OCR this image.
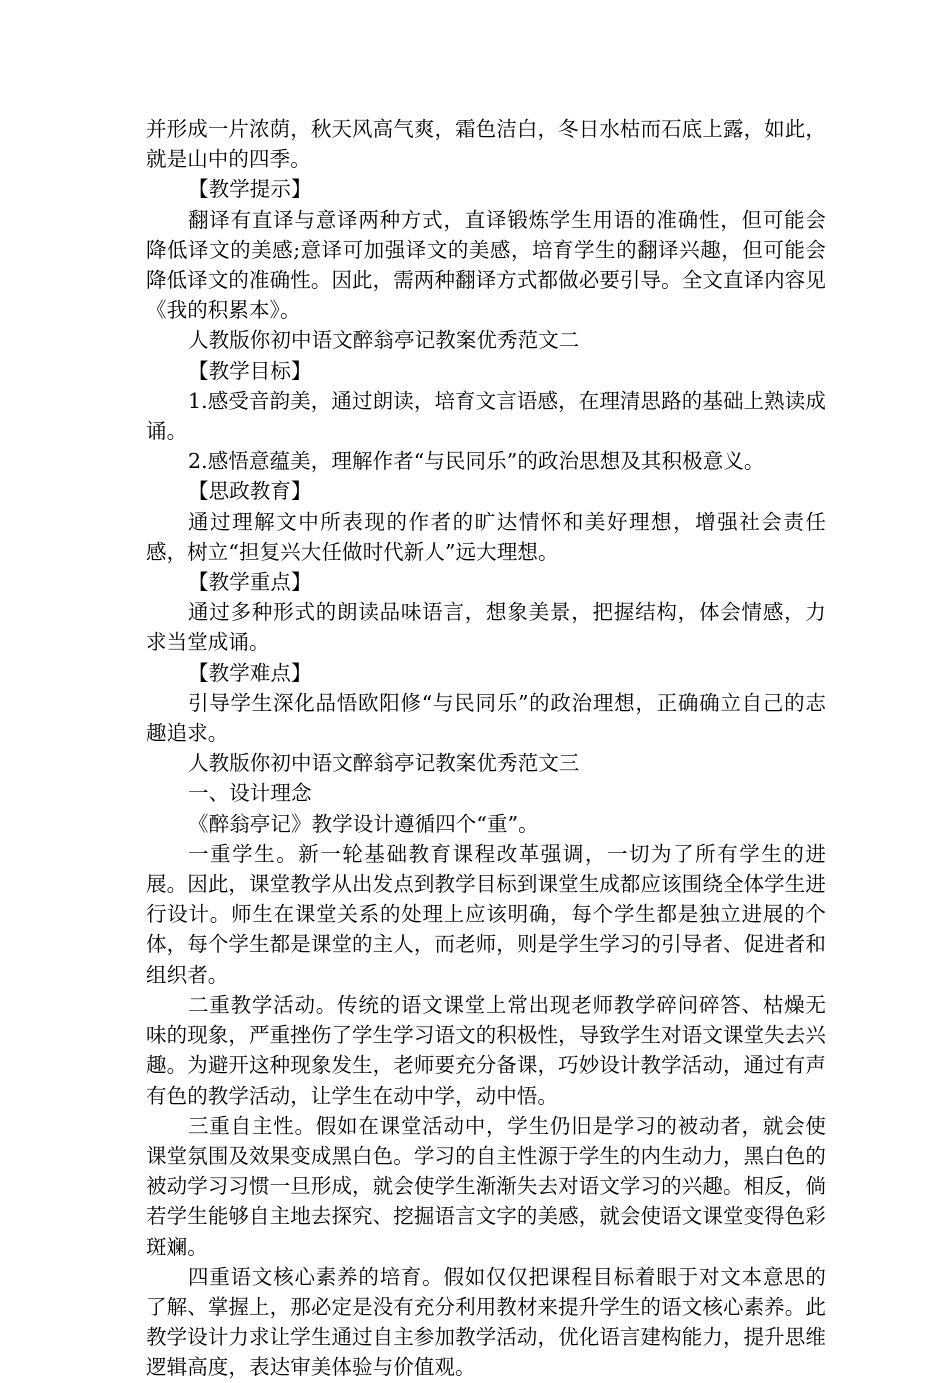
并形成一片浓荫，秋天风高气爽，霜色洁白，冬日水枯而石底上露，如此，就是山中的四季。

【教学提示】

翻译有直译与意译两种方式，直译锻炼学生用语的准确性，但可能会降低译文的美感;意译可加强译文的美感，培育学生的翻译兴趣，但可能会降低译文的准确性。因此，需两种翻译方式都做必要引导。全文直译内容见《我的积累本》。

人教版你初中语文醉翁亭记教案优秀范文二

【教学目标】

1.感受音韵美，通过朗读，培育文言语感，在理清思路的基础上熟读成诵。

2.感悟意蕴美，理解作者“与民同乐”的政治思想及其积极意义。

【思政教育】

通过理解文中所表现的作者的旷达情怀和美好理想，增强社会责任感，树立“担复兴大任做时代新人”远大理想。

【教学重点】

通过多种形式的朗读品味语言，想象美景，把握结构，体会情感，力求当堂成诵。

【教学难点】

引导学生深化品悟欧阳修“与民同乐”的政治理想，正确确立自己的志趣追求。

人教版你初中语文醉翁亭记教案优秀范文三

一、设计理念

《醉翁亭记》教学设计遵循四个“重”。

一重学生。新一轮基础教育课程改革强调，一切为了所有学生的进展。因此，课堂教学从出发点到教学目标到课堂生成都应该围绕全体学生进行设计。师生在课堂关系的处理上应该明确，每个学生都是独立进展的个体，每个学生都是课堂的主人，而老师，则是学生学习的引导者、促进者和组织者。

二重教学活动。传统的语文课堂上常出现老师教学碎问碎答、枯燥无味的现象，严重挫伤了学生学习语文的积极性，导致学生对语文课堂失去兴趣。为避开这种现象发生，老师要充分备课，巧妙设计教学活动，通过有声有色的教学活动，让学生在动中学，动中悟。

三重自主性。假如在课堂活动中，学生仍旧是学习的被动者，就会使课堂氛围及效果变成黑白色。学习的自主性源于学生的内生动力，黑白色的被动学习习惯一旦形成，就会使学生渐渐失去对语文学习的兴趣。相反，倘若学生能够自主地去探究、挖掘语言文字的美感，就会使语文课堂变得色彩斑斓。

四重语文核心素养的培育。假如仅仅把课程目标着眼于对文本意思的了解、掌握上，那必定是没有充分利用教材来提升学生的语文核心素养。此教学设计力求让学生通过自主参加教学活动，优化语言建构能力，提升思维逻辑高度，表达审美体验与价值观。
